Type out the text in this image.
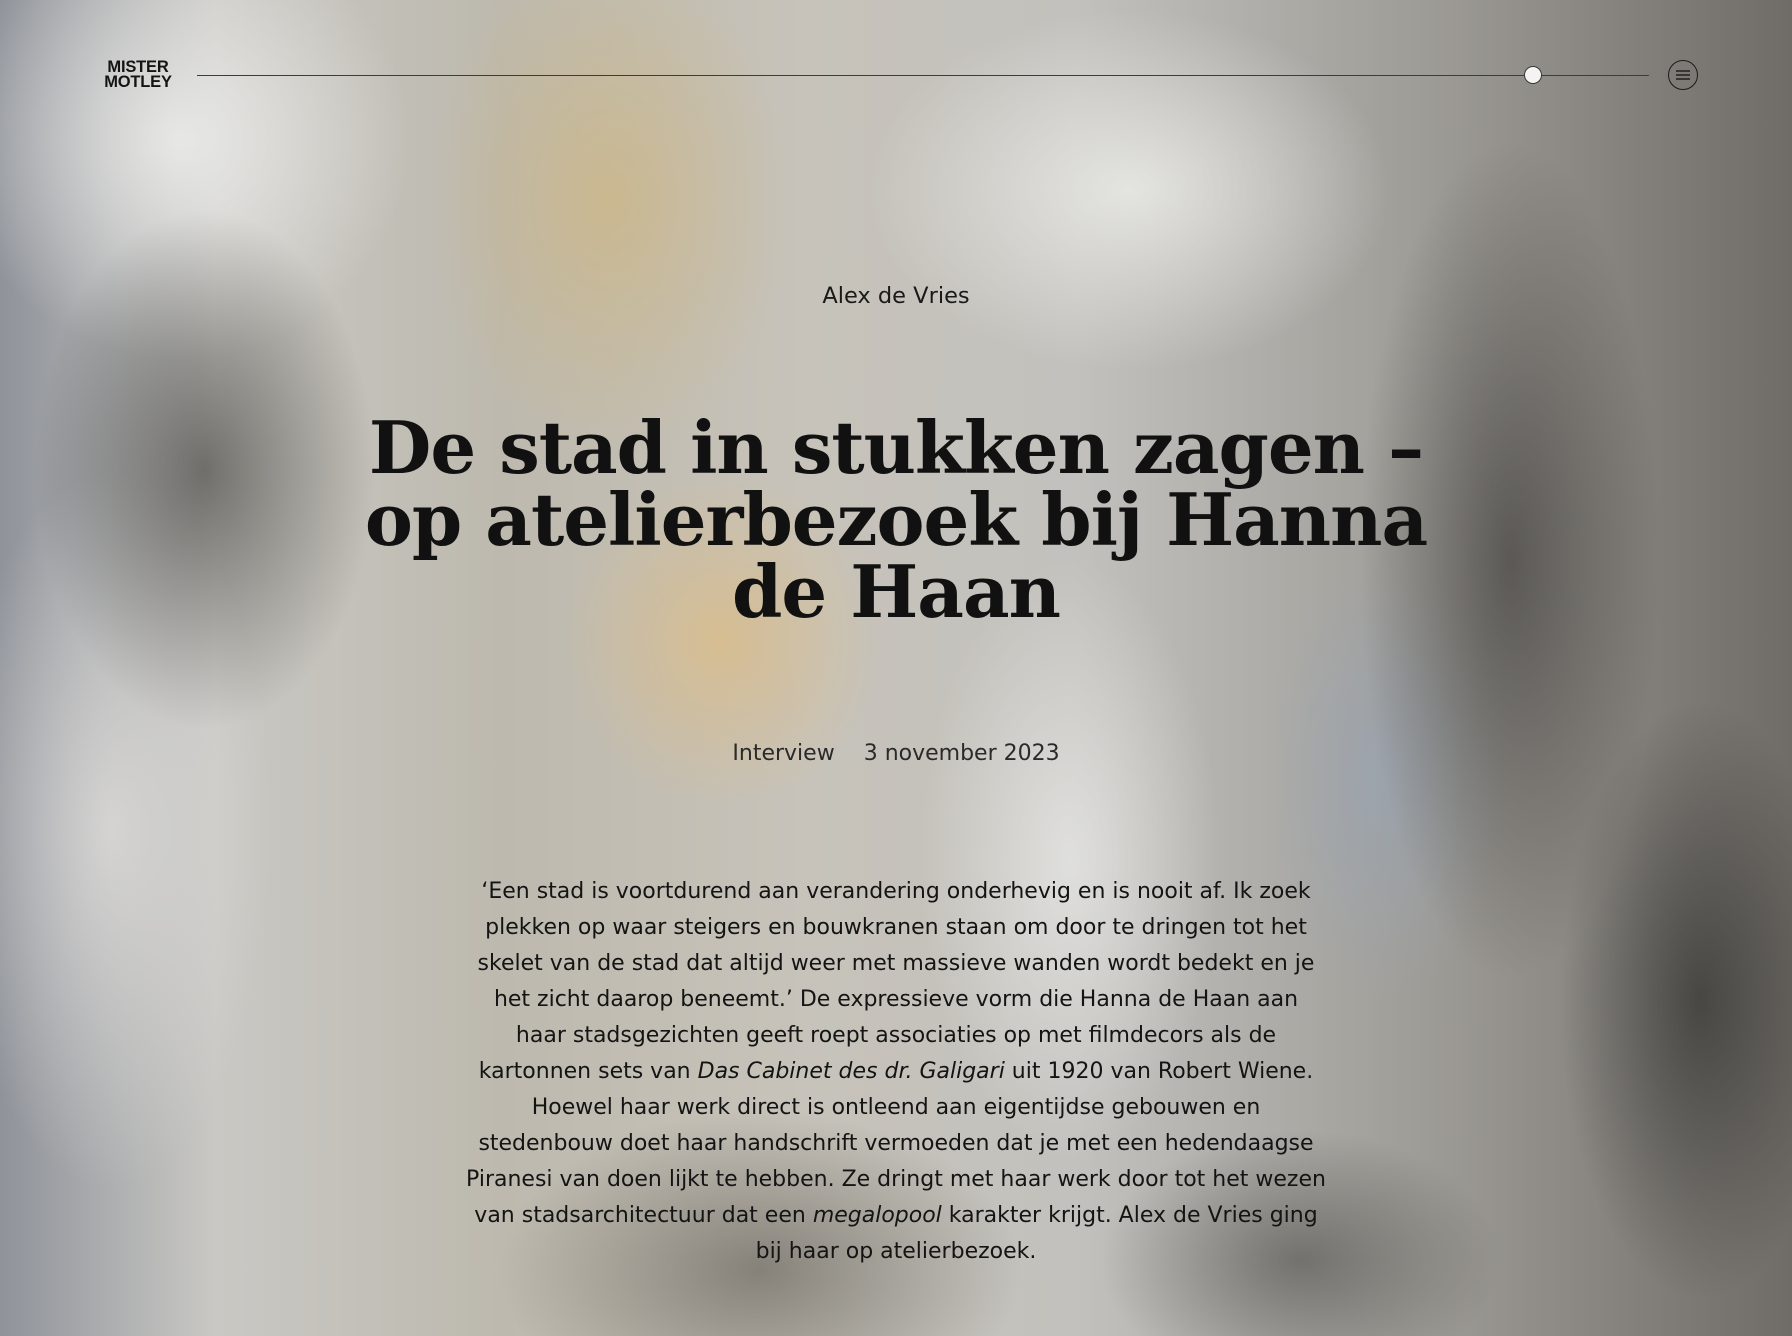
MISTER
MOTLEY
Alex de Vries
De stad in stukken zagen – op atelierbezoek bij Hanna de Haan
Interview 3 november 2023

‘Een stad is voortdurend aan verandering onderhevig en is nooit af. Ik zoek plekken op waar steigers en bouwkranen staan om door te dringen tot het skelet van de stad dat altijd weer met massieve wanden wordt bedekt en je het zicht daarop beneemt.’ De expressieve vorm die Hanna de Haan aan haar stadsgezichten geeft roept associaties op met filmdecors als de kartonnen sets van Das Cabinet des dr. Galigari uit 1920 van Robert Wiene. Hoewel haar werk direct is ontleend aan eigentijdse gebouwen en stedenbouw doet haar handschrift vermoeden dat je met een hedendaagse Piranesi van doen lijkt te hebben. Ze dringt met haar werk door tot het wezen van stadsarchitectuur dat een megalopool karakter krijgt. Alex de Vries ging bij haar op atelierbezoek.
